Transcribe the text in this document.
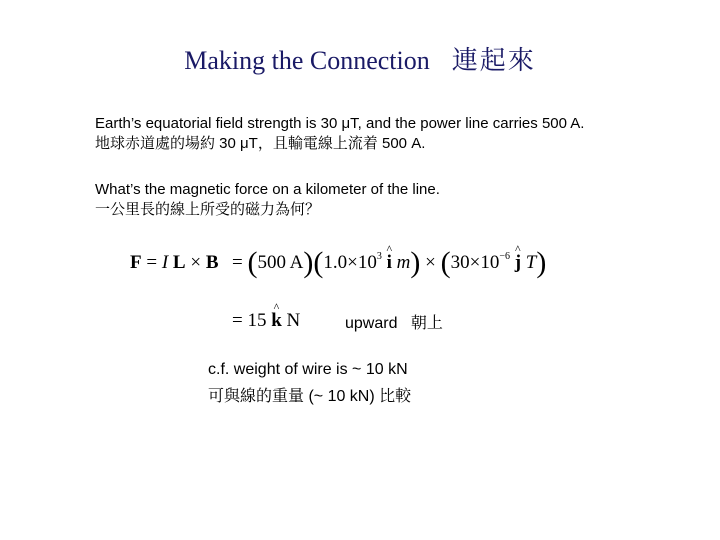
Making the Connection 連起來
Earth’s equatorial field strength is 30 μT, and the power line carries 500 A.
地球赤道處的場約 30 μT，且輸電線上流着 500 A.
What’s the magnetic force on a kilometer of the line.
一公里長的線上所受的磁力為何？
F = I L × B = (500 $A)(1.0\times 10^3$ ^ i $m) \times (30\times 10^{-6}$ ^ j T)
= 15 ^ k N	upward 朝上
c.f. weight of wire is ~ 10 kN
可與線的重量 (~ 10 kN) 比較
